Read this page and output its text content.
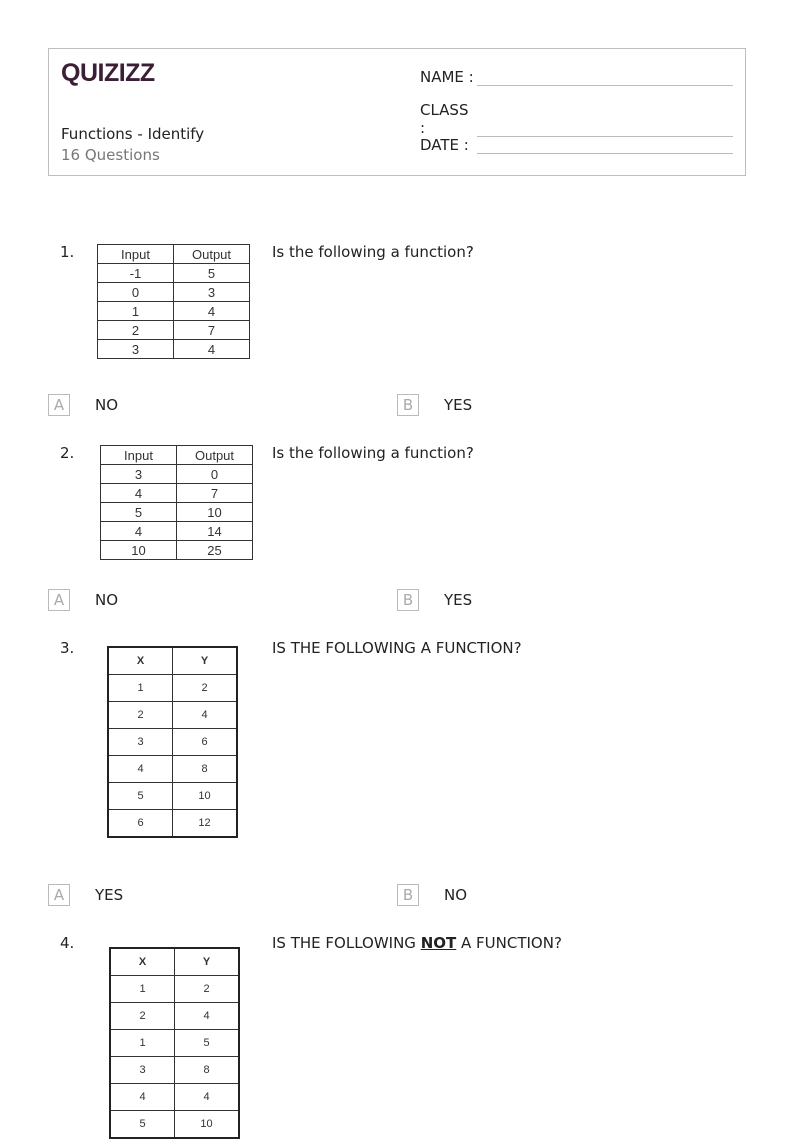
QUIZIZZ
Functions - Identify
16 Questions
NAME :
CLASS :
DATE :
1.	Is the following a function?
Input	Output
-1	5
0	3
1	4
2	7
3	4
A	NO	B	YES
2.	Is the following a function?
Input	Output
3	0
4	7
5	10
4	14
10	25
A	NO	B	YES
3.	IS THE FOLLOWING A FUNCTION?
X	Y
1	2
2	4
3	6
4	8
5	10
6	12
A	YES	B	NO
4.	IS THE FOLLOWING NOT A FUNCTION?
X	Y
1	2
2	4
1	5
3	8
4	4
5	10
